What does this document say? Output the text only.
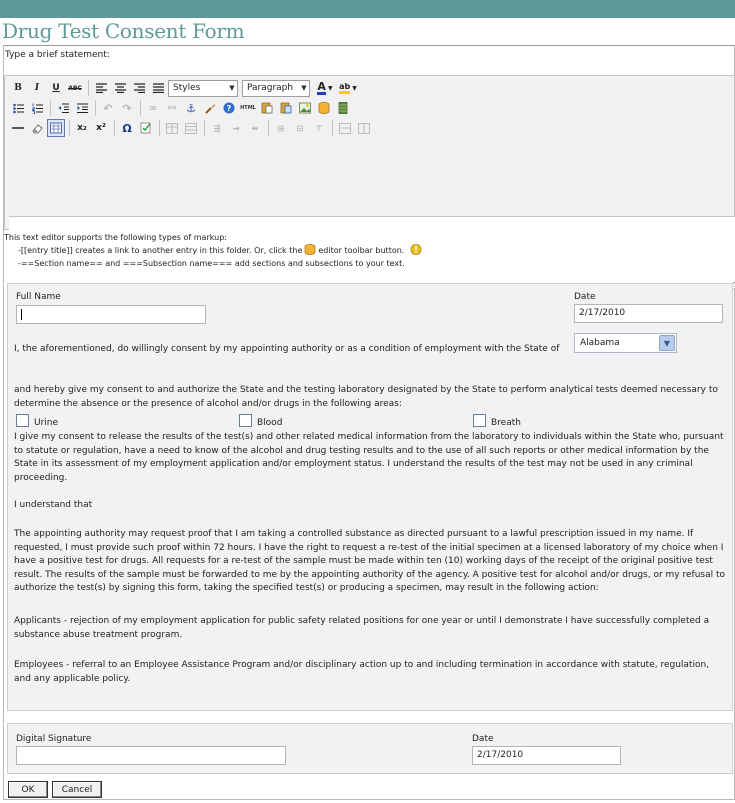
Drug Test Consent Form
Type a brief statement:
B I U ABC	Styles	▼ Paragraph	▼ A ▼ ab ▼
↶ ↷ ∞ ⚯ ⚓	? HTML
x₂ x² Ω	⇶ ⇥ ⇻ ⊞ ⊟ ⊤
This text editor supports the following types of markup:
-[[entry title]] creates a link to another entry in this folder. Or, click the editor toolbar button.
-==Section name== and ===Subsection name=== add sections and subsections to your text.
Full Name	Date
2/17/2010
I, the aforementioned, do willingly consent by my appointing authority or as a condition of employment with the State of
Alabama	▼
and hereby give my consent to and authorize the State and the testing laboratory designated by the State to perform analytical tests deemed necessary to determine the absence or the presence of alcohol and/or drugs in the following areas:
Urine	Blood	Breath
I give my consent to release the results of the test(s) and other related medical information from the laboratory to individuals within the State who, pursuant to statute or regulation, have a need to know of the alcohol and drug testing results and to the use of all such reports or other medical information by the State in its assessment of my employment application and/or employment status. I understand the results of the test may not be used in any criminal proceeding.
I understand that
The appointing authority may request proof that I am taking a controlled substance as directed pursuant to a lawful prescription issued in my name. If requested, I must provide such proof within 72 hours. I have the right to request a re-test of the initial specimen at a licensed laboratory of my choice when I have a positive test for drugs. All requests for a re-test of the sample must be made within ten (10) working days of the receipt of the original positive test result. The results of the sample must be forwarded to me by the appointing authority of the agency. A positive test for alcohol and/or drugs, or my refusal to authorize the test(s) by signing this form, taking the specified test(s) or producing a specimen, may result in the following action:
Applicants - rejection of my employment application for public safety related positions for one year or until I demonstrate I have successfully completed a substance abuse treatment program.
Employees - referral to an Employee Assistance Program and/or disciplinary action up to and including termination in accordance with statute, regulation, and any applicable policy.
Digital Signature	Date
2/17/2010
OK	Cancel
